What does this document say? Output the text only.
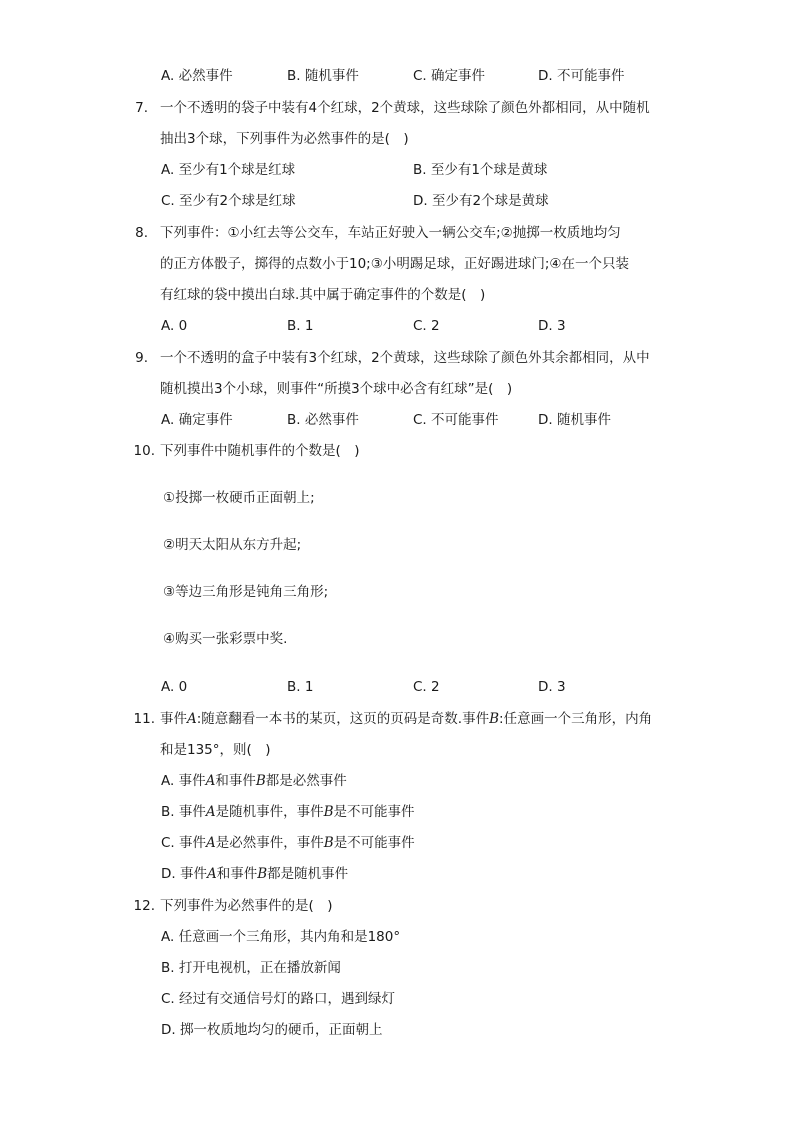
A. 必然事件	B. 随机事件	C. 确定事件	D. 不可能事件
7. 一个不透明的袋子中装有4个红球，2个黄球，这些球除了颜色外都相同，从中随机
抽出3个球，下列事件为必然事件的是(　)
A. 至少有1个球是红球	B. 至少有1个球是黄球
C. 至少有2个球是红球	D. 至少有2个球是黄球
8. 下列事件：①小红去等公交车，车站正好驶入一辆公交车;②抛掷一枚质地均匀
的正方体骰子，掷得的点数小于10;③小明踢足球，正好踢进球门;④在一个只装
有红球的袋中摸出白球.其中属于确定事件的个数是(　)
A. 0	B. 1	C. 2	D. 3
9. 一个不透明的盒子中装有3个红球，2个黄球，这些球除了颜色外其余都相同，从中
随机摸出3个小球，则事件“所摸3个球中必含有红球”是(　)
A. 确定事件	B. 必然事件	C. 不可能事件	D. 随机事件
10. 下列事件中随机事件的个数是(　)
①投掷一枚硬币正面朝上;
②明天太阳从东方升起;
③等边三角形是钝角三角形;
④购买一张彩票中奖.
A. 0	B. 1	C. 2	D. 3
11. 事件A:随意翻看一本书的某页，这页的页码是奇数.事件B:任意画一个三角形，内角
和是135°，则(　)
A. 事件A和事件B都是必然事件
B. 事件A是随机事件，事件B是不可能事件
C. 事件A是必然事件，事件B是不可能事件
D. 事件A和事件B都是随机事件
12. 下列事件为必然事件的是(　)
A. 任意画一个三角形，其内角和是180°
B. 打开电视机，正在播放新闻
C. 经过有交通信号灯的路口，遇到绿灯
D. 掷一枚质地均匀的硬币，正面朝上
